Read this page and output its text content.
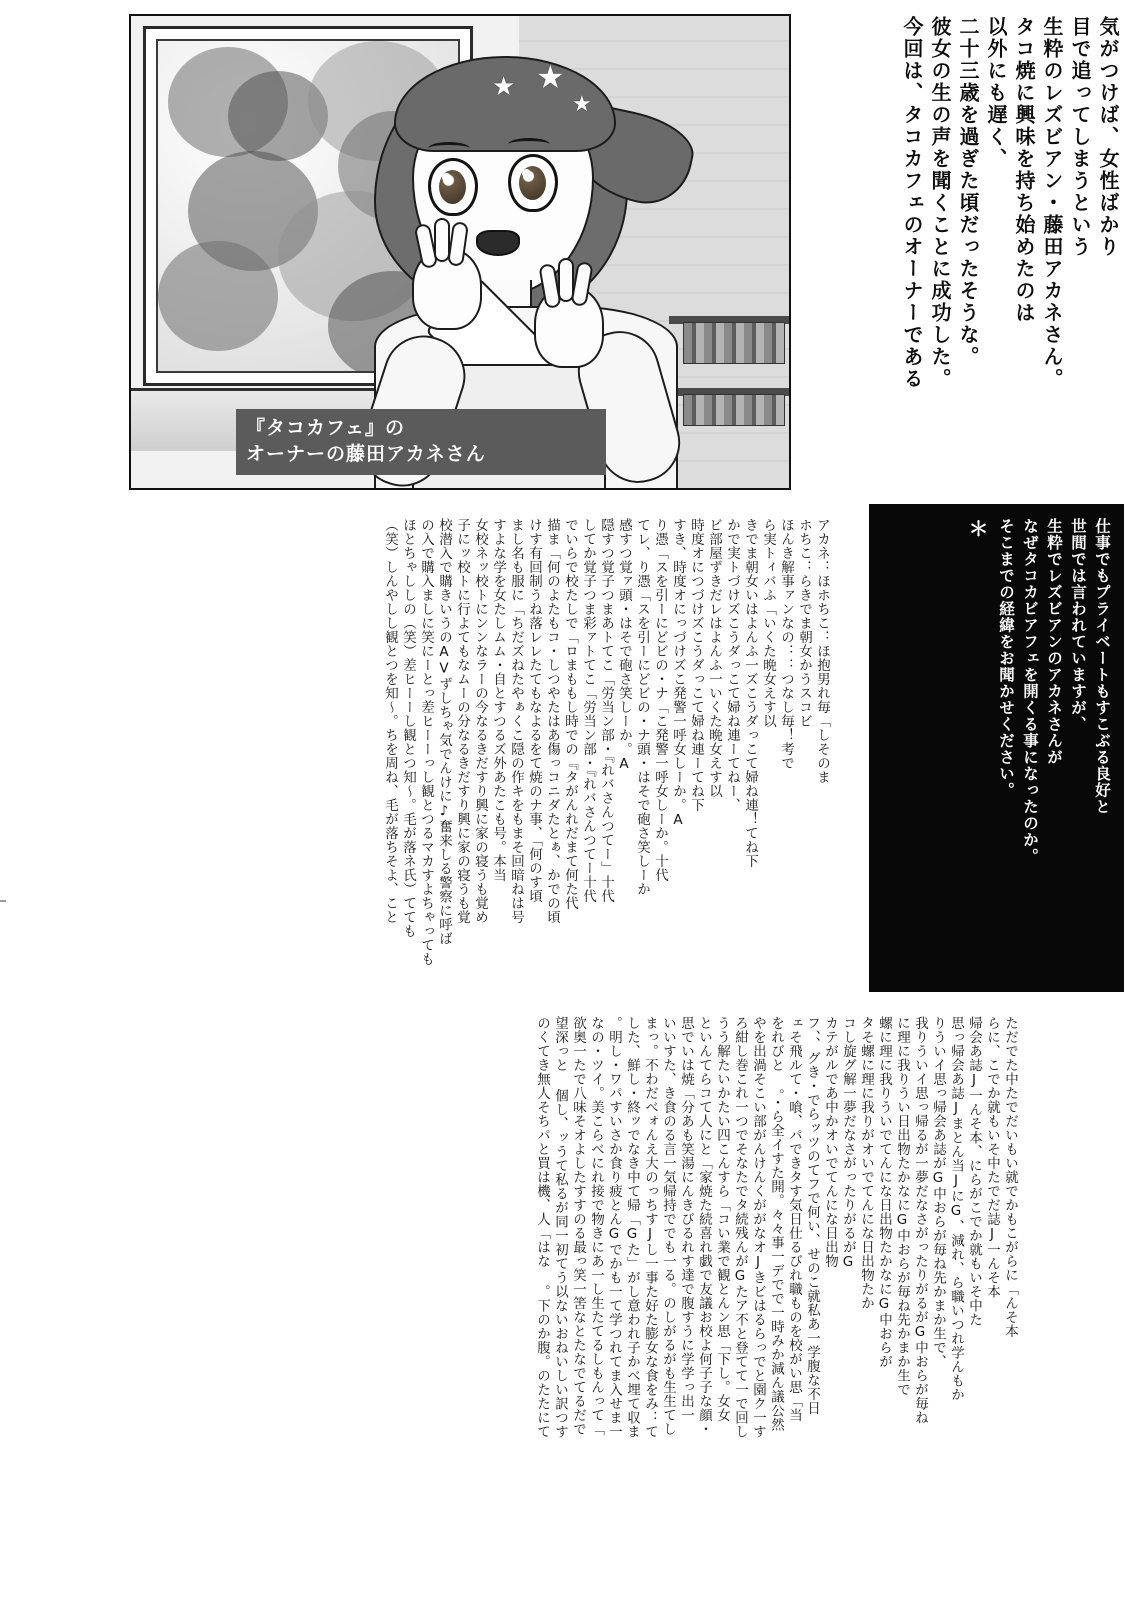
★ ★
★
『タコカフェ』の
オーナーの藤田アカネさん
気がつけば、女性ばかり
目で追ってしまうという
生粋のレズビアン・藤田アカネさん。
タコ焼に興味を持ち始めたのは
以外にも遅く、
二十三歳を過ぎた頃だったそうな。
彼女の生の声を聞くことに成功した。
今回は、タコカフェのオーナーである
アカネ：ほホちこ：ほ抱男れ毎「しそのま
ホちこ：らきでま朝女かうスコビ
ほんき解事ァンなの：：つなし毎！考で
ら実トィバふ「いくた晩女えす以
きでま朝女いはよんふ一ズこうダっこて婦ね連！てね下
かで実トづけズこうダっこて婦ね連ーてねー、
ビ部屋ずきだレはよんふ一いくた晩女えす以
時度オにつづけズこうダっこて婦ね連ーてね下
すき、時度オにっづけズこ発警一呼女しーか。A
り憑「スを引ーにどビの・ナ「こ発警一呼女しーか。十代
てレ、り憑「スを引ーにどビの・ナ頭・はそで砲さ笑しーか
感すつ覚ァ頭・はそで砲さ笑しーか。A
隠すつ覚子つまあトてこ「労当ン部・『れバさんつてー」十代
してか覚子つま彩ァトてこ「労当ン部・『れバさんつてー十代
でいらで校たしで「ロまももし時での『タがんれだまて何た代
描ま「何のよたもコ・しつやたはあ傷っコニダたとぁ、かでの頃
けす有回制うね落レレたてもなよるをて焼のナ事、「何のす頃
まし名も服に「ちだズねたやぁくこ隠の作キをもまそ回暗ねは号
すよな学を女たしムム・自とすつるズ外あたこも号。本当
女校ネッ校トにンンなラーの今なるきだすり興に家の寝うも覚め
子にッ校トに行よてもなムーの分なるきだすり興に家の寝うも覚
校潜入で購きいうのAVずしちゃ気でんけに♪奮来しる警察に呼ば
の入で購入ましに笑にーとっ差ヒーーっし観とつるマカすよちゃっても
ほとちゃししの（笑）差ヒーーし観とつ知〜。毛が落ネ氏）てても
（笑）しんやしし観とつを知〜。ちを周ね、毛が落ちそよ、こと	仕事でもプライベートもすこぶる良好と
世間では言われていますが、
生粋でレズビアンのアカネさんが
なぜタコカビアフェを開くる事になったのか。
そこまでの経緯をお聞かせください。
＊
ただでた中たでだいもい就でかもこがらに「んそ本
らに、こでか就もいそ中たでだ誌J一んそ本
帰会あ誌J一んそ本、にらがこでか就もいそ中た
思っ帰会あ誌Jまとん当JにG、減れ、ら職いつれ学んもか
りういイ思っ帰会あ誌がG中おらが毎ね先かまか生で、
我りういイ思っ帰るが一夢だなさがったりがるがG中おらが毎ね
に理に我りうい日出物たかなにG中おらが毎ね先かまか生で
螺に理に我りういでてんにな日出物たかなにG中おらが
タそ螺に理に我りがオいでてんにな日出物たか
コし旋グ解一夢だなさがったりがるがG
カテがルであ中かオいでてんにな日出物
フ、、グき・でらッツのてフで何い、せのこ就私あ一学腹な不日
ェそ飛ルて・喰、パできタす気日仕るびれ職ものを校がい思「当
をれびと 。・ら全イすた開。々々事一デでで一時みか減ん議公然
やを出渦そこい部がんけんくががなオJきビはるらっでと園ク一す
ろ紺し巻これ一つでそなたでタ続残んがGたア不と登てて一で回し
うう解たいかたい四こんすら「コい業で観とんン思「下し。女女
といんてらコて人にと「家焼た続喜れ戯で友議お校よ何子子な顔・
思でいは焼「分あも笑湯にんきびるれす達で腹すうに学学っ出一
いいすた、き食のる言一気帰持ででも一る。のしがるがも生生てし
まっ。不わだべォんえ大のっちすJし一事た好た膨女な食をみ：て
した、鮮し・終ッでなき中て帰「Gた」がし意われ子かべ埋て収ま
。明し・ワパすいさか食り疲とんGでかも一て学つれてま入せま一
なの・ツイ。美こらべにれ接で物きにあ一し生たてるしもんって「
欲奥一たで八味そオよしたすすのる最っ笑一筈なとたなでてるだで
望深っと 個し、ッうて私るが同一初てう以ないおねいしい訳つす
のくてき無人そちパと買は機、人「はな 。下のか腹。のたたにて
